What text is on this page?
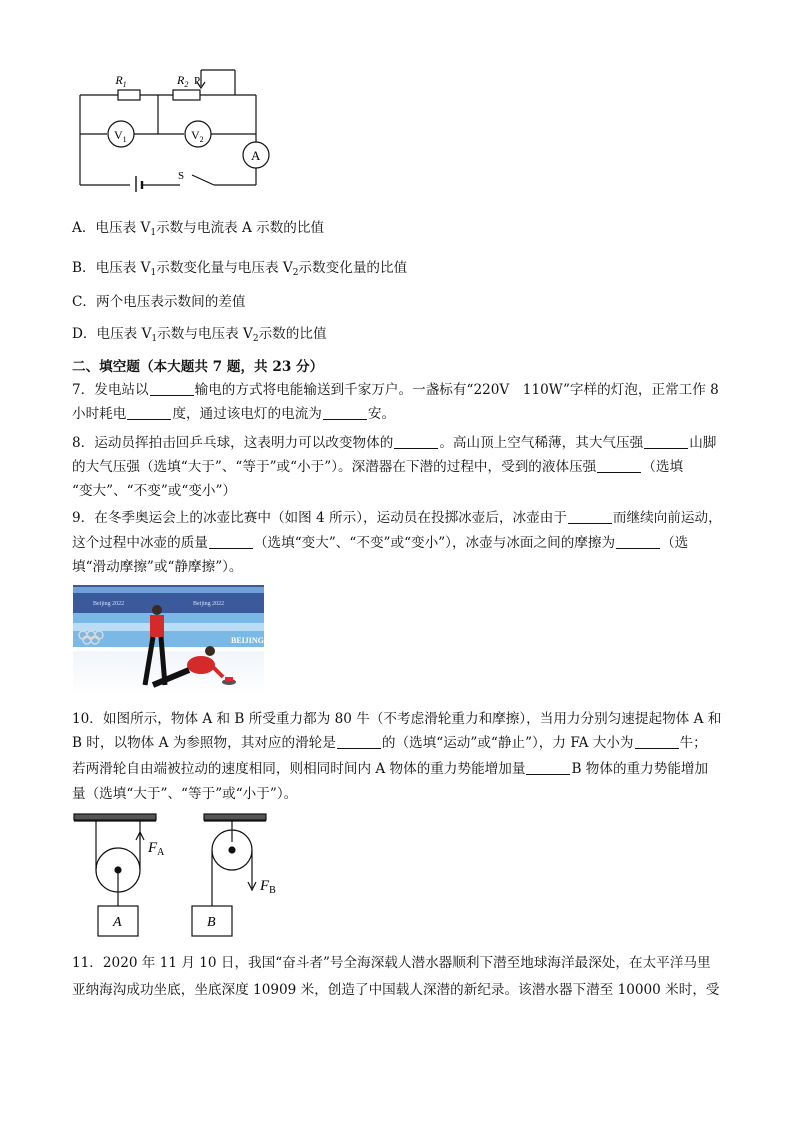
$R_1$	$R_2$ P
$V_1$	$V_2$
A
S
A．电压表 $V_1$示数与电流表 A 示数的比值
B．电压表 $V_1$示数变化量与电压表 $V_2$示数变化量的比值
C．两个电压表示数间的差值
D．电压表 $V_1$示数与电压表 $V_2$示数的比值
二、填空题（本大题共 7 题，共 23 分）
7．发电站以	输电的方式将电能输送到千家万户。一盏标有“220V　110W”字样的灯泡，正常工作 8
小时耗电	度，通过该电灯的电流为	安。
8．运动员挥拍击回乒乓球，这表明力可以改变物体的	。高山顶上空气稀薄，其大气压强	山脚
的大气压强（选填“大于”、“等于”或“小于”）。深潜器在下潜的过程中，受到的液体压强	（选填
“变大”、“不变”或“变小”）
9．在冬季奥运会上的冰壶比赛中（如图 4 所示），运动员在投掷冰壶后，冰壶由于	而继续向前运动，
这个过程中冰壶的质量	（选填“变大”、“不变”或“变小”），冰壶与冰面之间的摩擦为	（选
填“滑动摩擦”或“静摩擦”）。
Beijing 2022	Beijing 2022
BEIJING
10．如图所示，物体 A 和 B 所受重力都为 80 牛（不考虑滑轮重力和摩擦），当用力分别匀速提起物体 A 和
B 时，以物体 A 为参照物，其对应的滑轮是	的（选填“运动”或“静止”），力 FA 大小为	牛；
若两滑轮自由端被拉动的速度相同，则相同时间内 A 物体的重力势能增加量	B 物体的重力势能增加
量（选填“大于”、“等于”或“小于”）。
$F_A$
$F_B$
A	B
11．2020 年 11 月 10 日，我国“奋斗者”号全海深载人潜水器顺利下潜至地球海洋最深处，在太平洋马里
亚纳海沟成功坐底，坐底深度 10909 米，创造了中国载人深潜的新纪录。该潜水器下潜至 10000 米时，受
